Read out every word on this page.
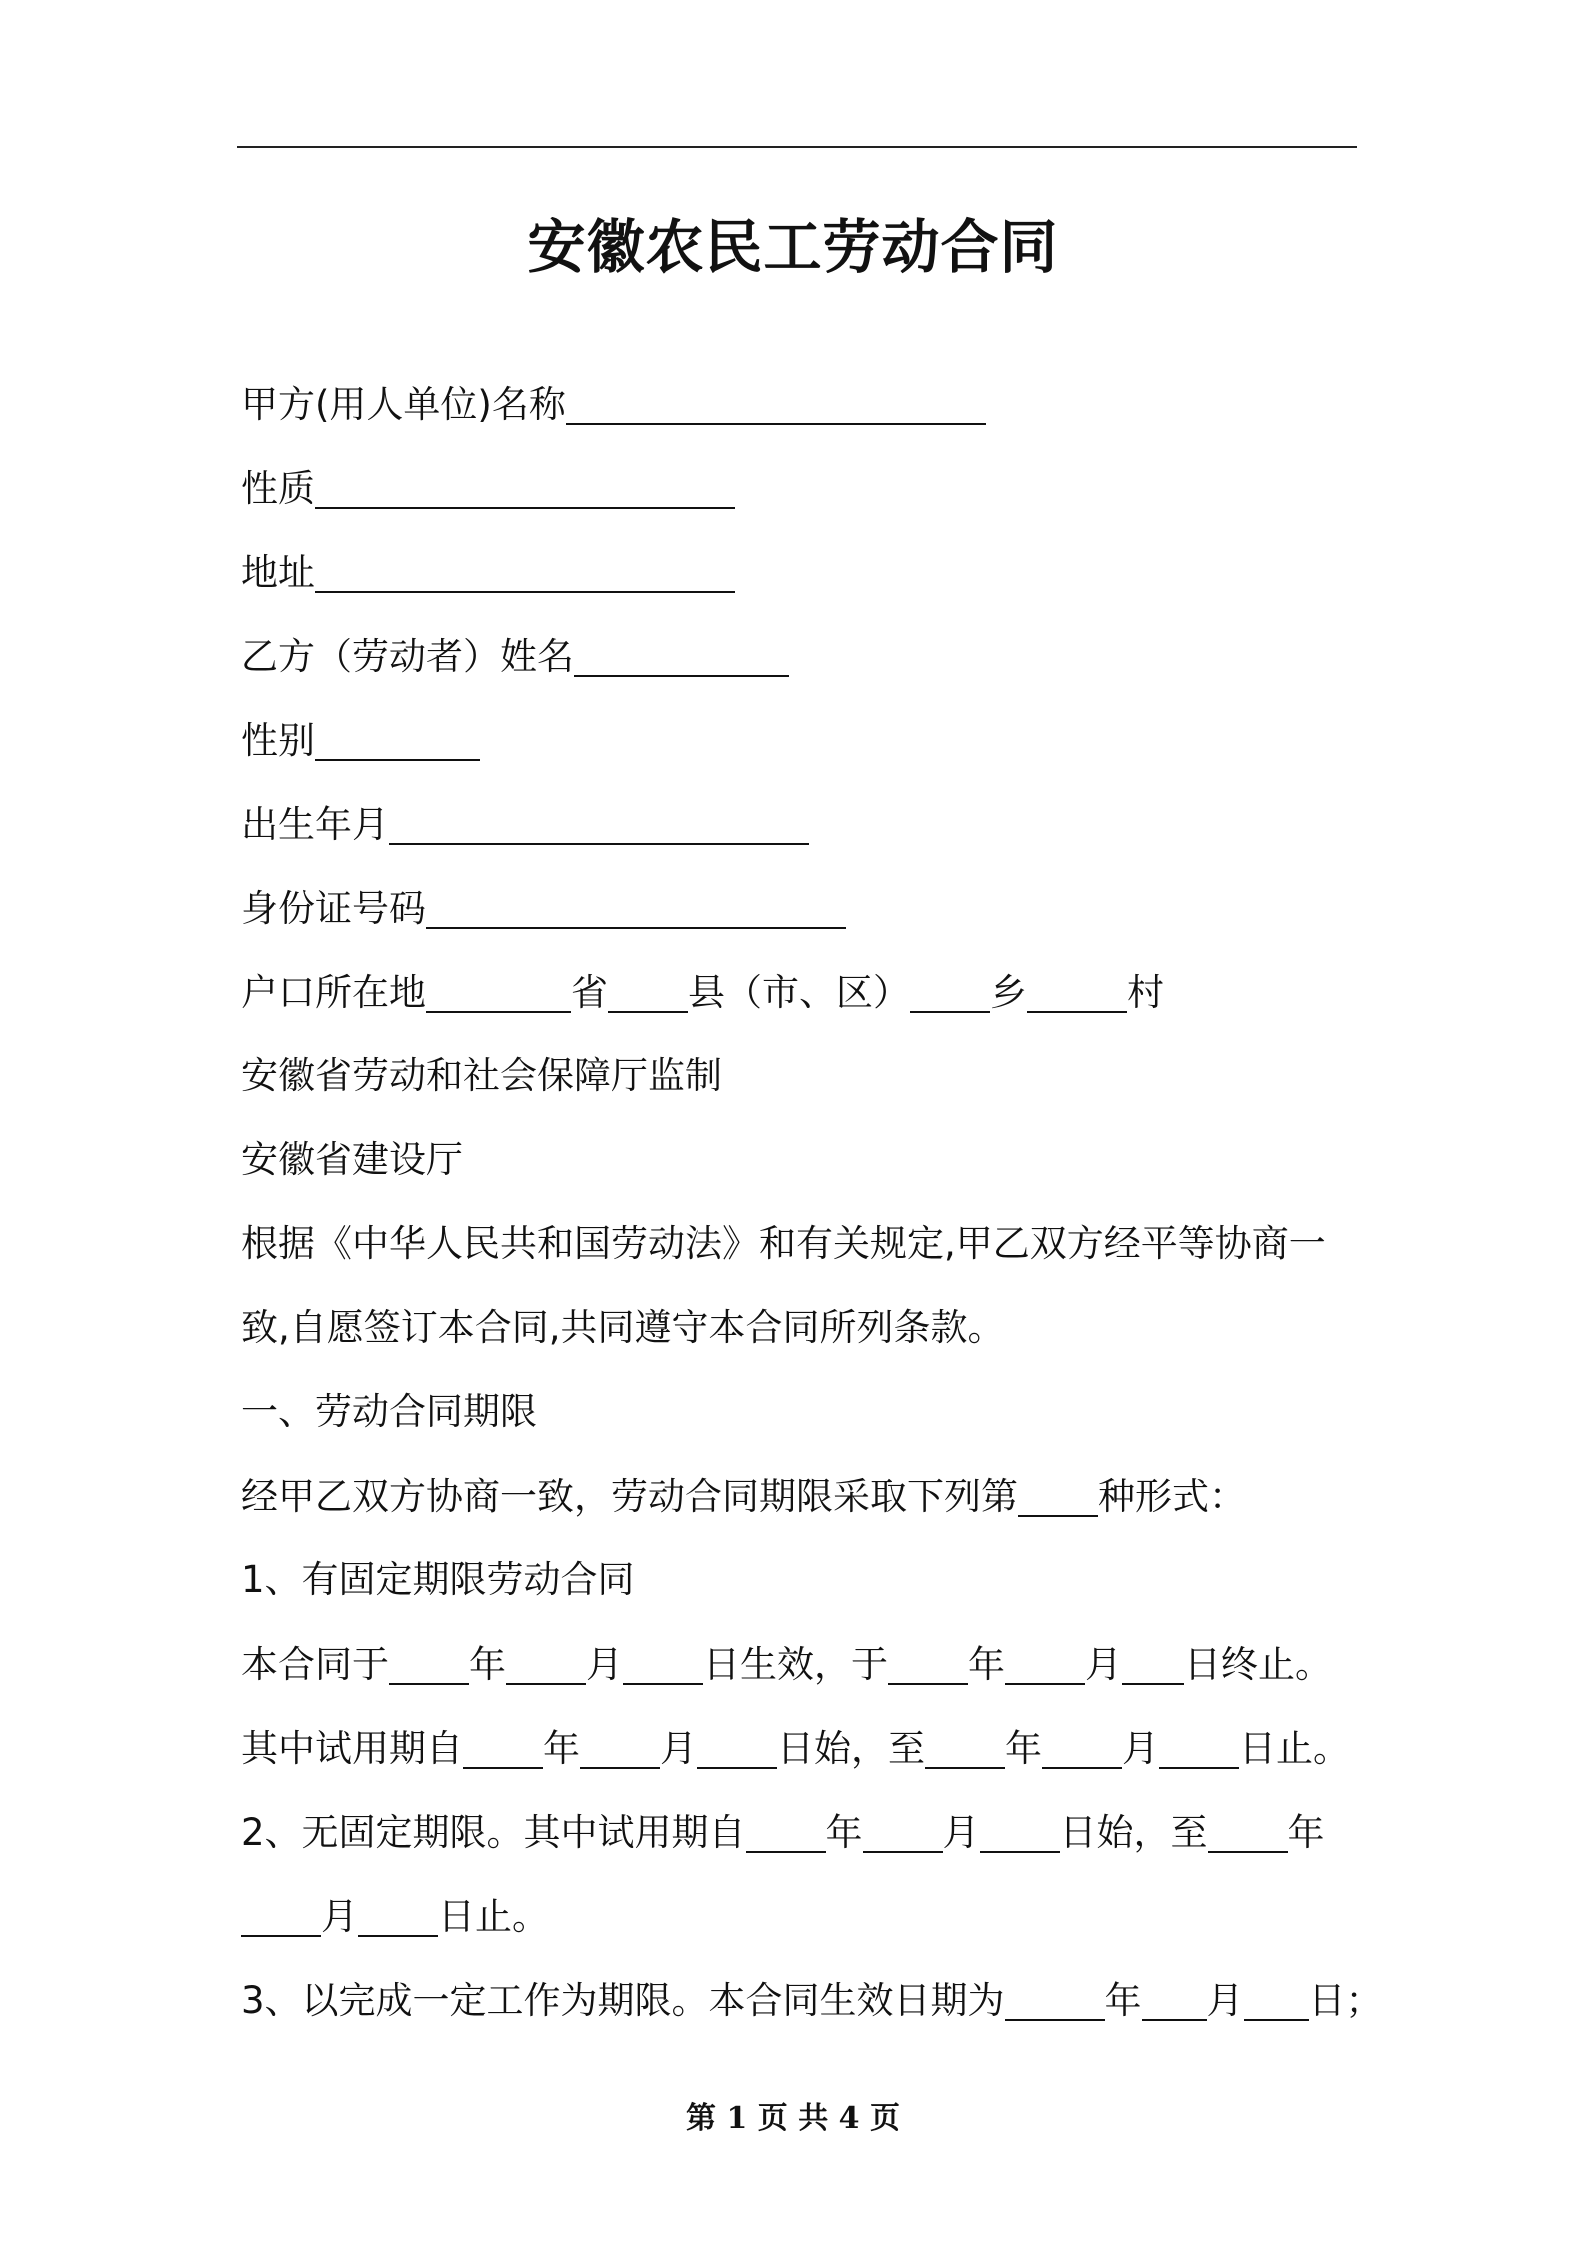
安徽农民工劳动合同
甲方(用人单位)名称
性质
地址
乙方（劳动者）姓名
性别
出生年月
身份证号码
户口所在地	省 县（市、区） 乡	村
安徽省劳动和社会保障厅监制
安徽省建设厅
根据《中华人民共和国劳动法》和有关规定,甲乙双方经平等协商一
致,自愿签订本合同,共同遵守本合同所列条款。
一、劳动合同期限
经甲乙双方协商一致，劳动合同期限采取下列第 种形式：
1、有固定期限劳动合同
本合同于 年 月 日生效，于 年 月 日终止。
其中试用期自 年 月 日始，至 年 月 日止。
2、无固定期限。其中试用期自 年 月 日始，至 年
月 日止。
3、以完成一定工作为期限。本合同生效日期为	年 月 日；
第 1 页 共 4 页
